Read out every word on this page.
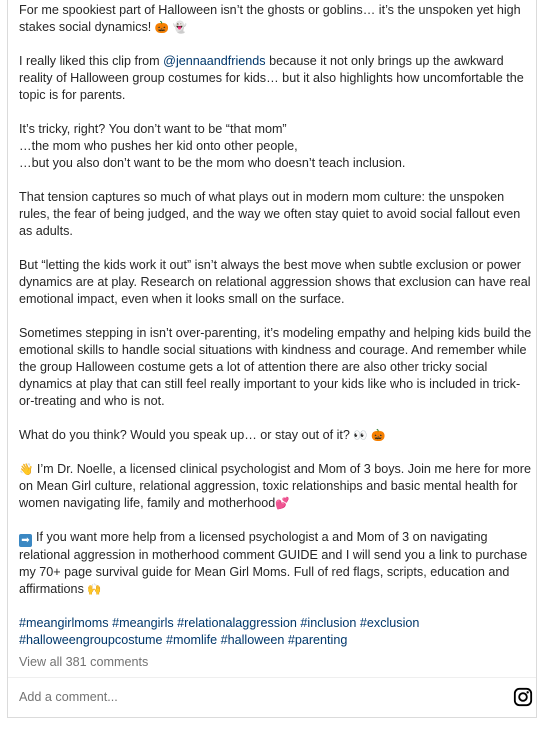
For me spookiest part of Halloween isn’t the ghosts or goblins… it’s the unspoken yet high stakes social dynamics! 🎃 👻

I really liked this clip from @jennaandfriends because it not only brings up the awkward reality of Halloween group costumes for kids… but it also highlights how uncomfortable the topic is for parents.

It’s tricky, right? You don’t want to be “that mom”
…the mom who pushes her kid onto other people,
…but you also don’t want to be the mom who doesn’t teach inclusion.

That tension captures so much of what plays out in modern mom culture: the unspoken rules, the fear of being judged, and the way we often stay quiet to avoid social fallout even as adults.

But “letting the kids work it out” isn’t always the best move when subtle exclusion or power dynamics are at play. Research on relational aggression shows that exclusion can have real emotional impact, even when it looks small on the surface.

Sometimes stepping in isn’t over-parenting, it’s modeling empathy and helping kids build the emotional skills to handle social situations with kindness and courage. And remember while the group Halloween costume gets a lot of attention there are also other tricky social dynamics at play that can still feel really important to your kids like who is included in trick-or-treating and who is not.

What do you think? Would you speak up… or stay out of it? 👀 🎃

👋 I’m Dr. Noelle, a licensed clinical psychologist and Mom of 3 boys. Join me here for more on Mean Girl culture, relational aggression, toxic relationships and basic mental health for women navigating life, family and motherhood💕

➡ If you want more help from a licensed psychologist a and Mom of 3 on navigating relational aggression in motherhood comment GUIDE and I will send you a link to purchase my 70+ page survival guide for Mean Girl Moms. Full of red flags, scripts, education and affirmations 🙌

#meangirlmoms #meangirls #relationalaggression #inclusion #exclusion #halloweengroupcostume #momlife #halloween #parenting

View all 381 comments
Add a comment...
